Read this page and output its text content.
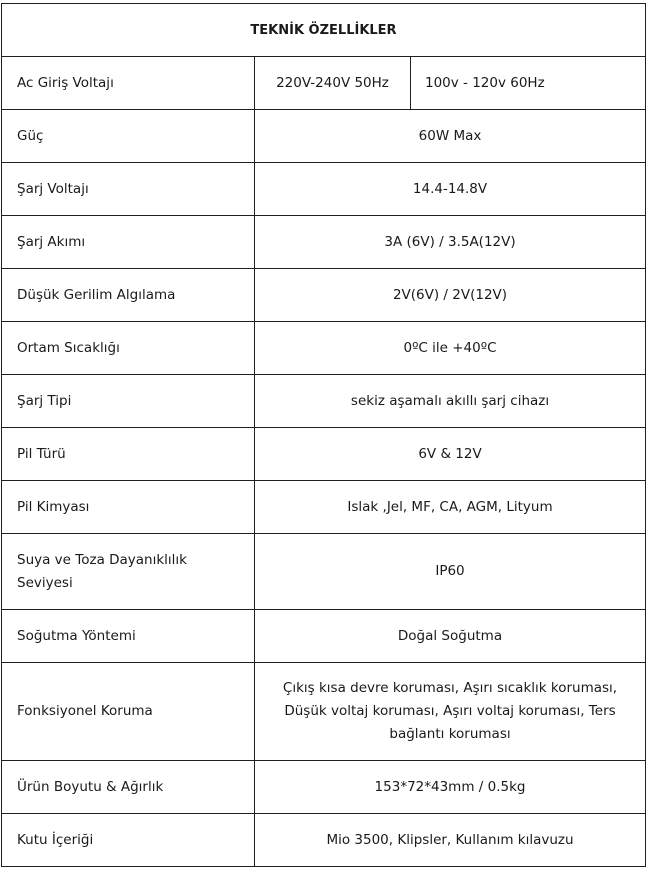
TEKNİK ÖZELLİKLER		
Ac Giriş Voltajı	220V-240V 50Hz	100v - 120v 60Hz
Güç	60W Max	
Şarj Voltajı	14.4-14.8V	
Şarj Akımı	3A (6V) / 3.5A(12V)	
Düşük Gerilim Algılama	2V(6V) / 2V(12V)	
Ortam Sıcaklığı	0ºC ile +40ºC	
Şarj Tipi	sekiz aşamalı akıllı şarj cihazı	
Pil Türü	6V & 12V	
Pil Kimyası	Islak ,Jel, MF, CA, AGM, Lityum	
Suya ve Toza Dayanıklılık Seviyesi	IP60	
Soğutma Yöntemi	Doğal Soğutma	
Fonksiyonel Koruma	Çıkış kısa devre koruması, Aşırı sıcaklık koruması, Düşük voltaj koruması, Aşırı voltaj koruması, Ters bağlantı koruması	
Ürün Boyutu & Ağırlık	153*72*43mm / 0.5kg	
Kutu İçeriği	Mio 3500, Klipsler, Kullanım kılavuzu	
